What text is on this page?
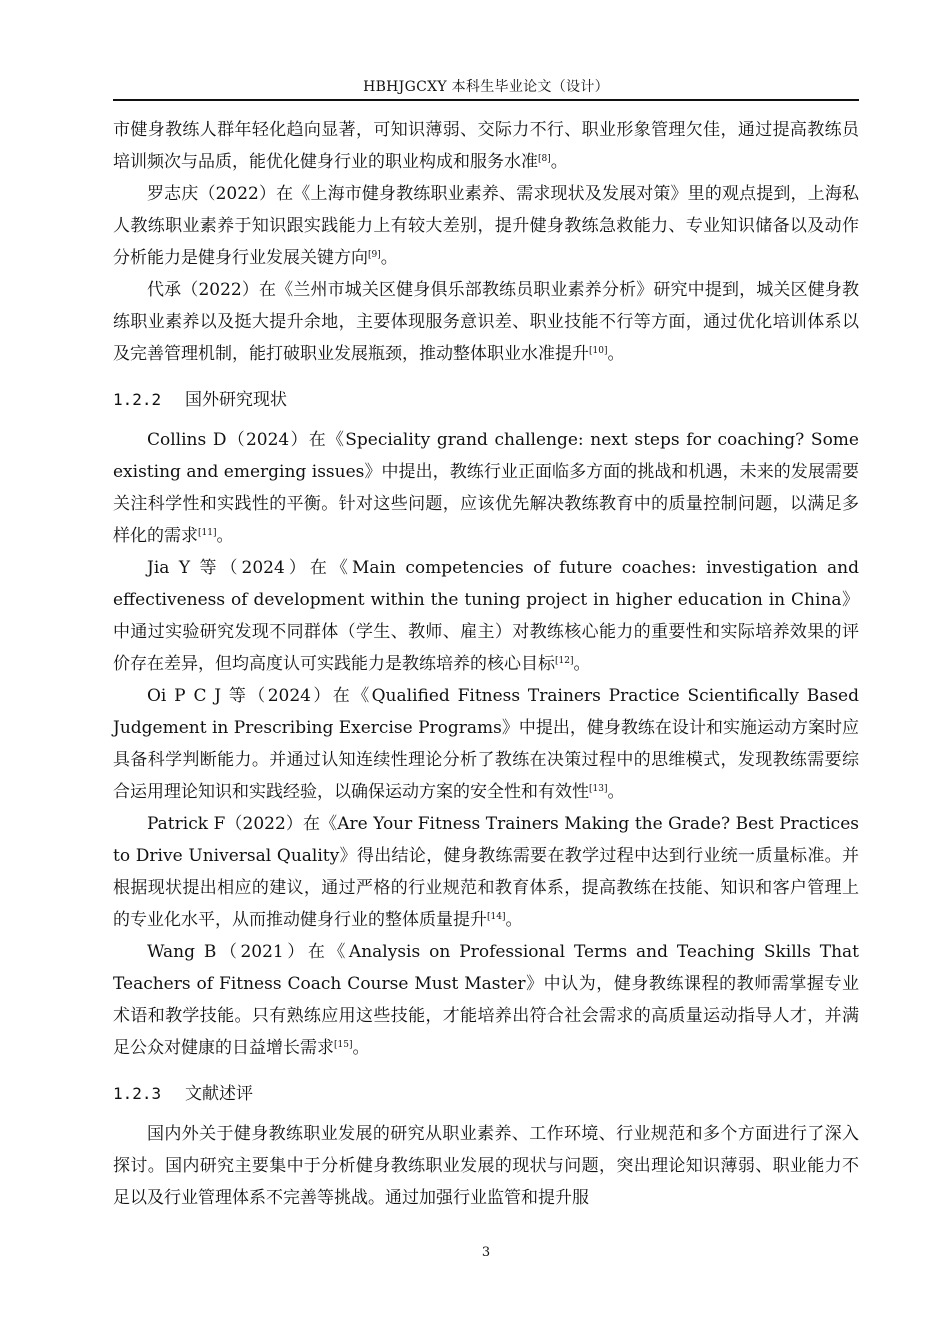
HBHJGCXY 本科生毕业论文（设计）

市健身教练人群年轻化趋向显著，可知识薄弱、交际力不行、职业形象管理欠佳，通过提高教练员培训频次与品质，能优化健身行业的职业构成和服务水准[8]。

罗志庆（2022）在《上海市健身教练职业素养、需求现状及发展对策》里的观点提到，上海私人教练职业素养于知识跟实践能力上有较大差别，提升健身教练急救能力、专业知识储备以及动作分析能力是健身行业发展关键方向[9]。

代承（2022）在《兰州市城关区健身俱乐部教练员职业素养分析》研究中提到，城关区健身教练职业素养以及挺大提升余地，主要体现服务意识差、职业技能不行等方面，通过优化培训体系以及完善管理机制，能打破职业发展瓶颈，推动整体职业水准提升[10]。

1.2.2 国外研究现状

Collins D（2024）在《Speciality grand challenge: next steps for coaching? Some existing and emerging issues》中提出，教练行业正面临多方面的挑战和机遇，未来的发展需要关注科学性和实践性的平衡。针对这些问题，应该优先解决教练教育中的质量控制问题，以满足多样化的需求[11]。

Jia Y 等（2024）在《Main competencies of future coaches: investigation and effectiveness of development within the tuning project in higher education in China》中通过实验研究发现不同群体（学生、教师、雇主）对教练核心能力的重要性和实际培养效果的评价存在差异，但均高度认可实践能力是教练培养的核心目标[12]。

Oi P C J 等（2024）在《Qualified Fitness Trainers Practice Scientifically Based Judgement in Prescribing Exercise Programs》中提出，健身教练在设计和实施运动方案时应具备科学判断能力。并通过认知连续性理论分析了教练在决策过程中的思维模式，发现教练需要综合运用理论知识和实践经验，以确保运动方案的安全性和有效性[13]。

Patrick F（2022）在《Are Your Fitness Trainers Making the Grade? Best Practices to Drive Universal Quality》得出结论，健身教练需要在教学过程中达到行业统一质量标准。并根据现状提出相应的建议，通过严格的行业规范和教育体系，提高教练在技能、知识和客户管理上的专业化水平，从而推动健身行业的整体质量提升[14]。

Wang B（2021）在《Analysis on Professional Terms and Teaching Skills That Teachers of Fitness Coach Course Must Master》中认为，健身教练课程的教师需掌握专业术语和教学技能。只有熟练应用这些技能，才能培养出符合社会需求的高质量运动指导人才，并满足公众对健康的日益增长需求[15]。

1.2.3 文献述评

国内外关于健身教练职业发展的研究从职业素养、工作环境、行业规范和多个方面进行了深入探讨。国内研究主要集中于分析健身教练职业发展的现状与问题，突出理论知识薄弱、职业能力不足以及行业管理体系不完善等挑战。通过加强行业监管和提升服

3
